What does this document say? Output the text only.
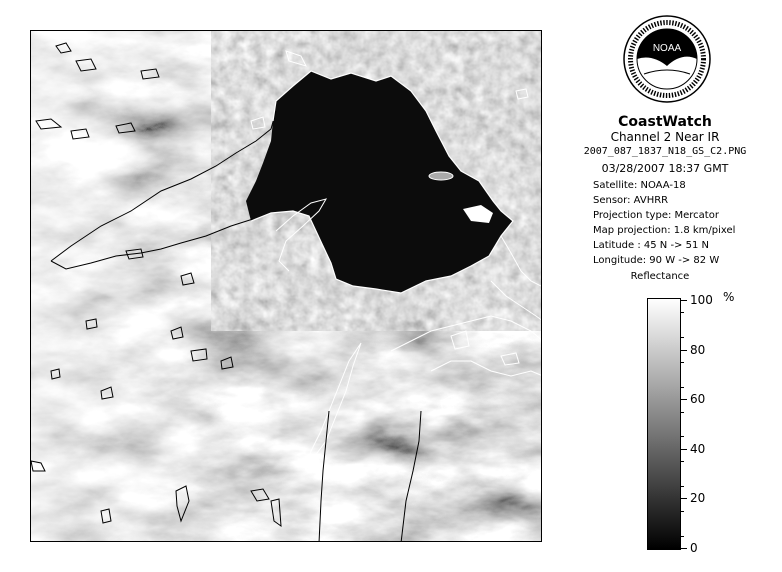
NOAA
CoastWatch
Channel 2 Near IR
2007_087_1837_N18_GS_C2.PNG
03/28/2007 18:37 GMT
Satellite: NOAA-18
Sensor: AVHRR
Projection type: Mercator
Map projection: 1.8 km/pixel
Latitude : 45 N -> 51 N
Longitude: 90 W -> 82 W
Reflectance
%
100
80
60
40
20
0
